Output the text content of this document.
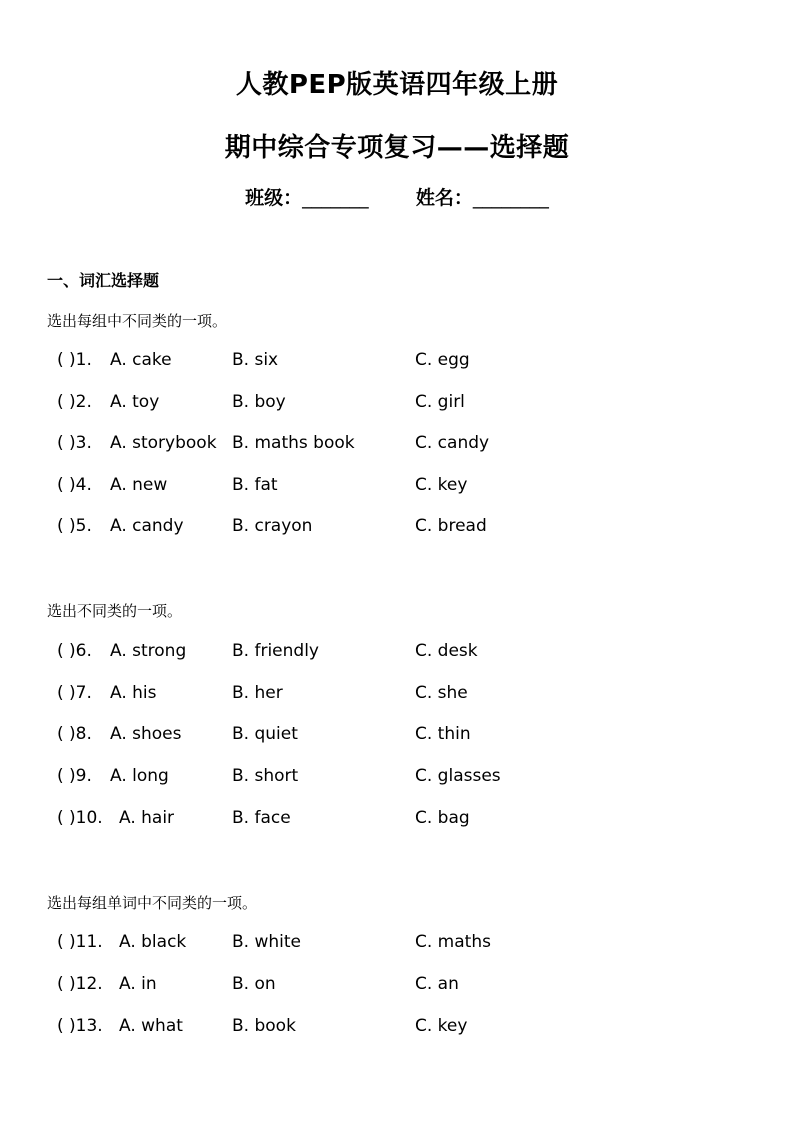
人教PEP版英语四年级上册
期中综合专项复习——选择题
班级：_______ 姓名：________
一、词汇选择题
选出每组中不同类的一项。
( )1. A. cake	B. six	C. egg
( )2. A. toy	B. boy	C. girl
( )3. A. storybook B. maths book	C. candy
( )4. A. new	B. fat	C. key
( )5. A. candy	B. crayon	C. bread
选出不同类的一项。
( )6. A. strong	B. friendly	C. desk
( )7. A. his	B. her	C. she
( )8. A. shoes	B. quiet	C. thin
( )9. A. long	B. short	C. glasses
( )10. A. hair	B. face	C. bag
选出每组单词中不同类的一项。
( )11. A. black	B. white	C. maths
( )12. A. in	B. on	C. an
( )13. A. what	B. book	C. key
